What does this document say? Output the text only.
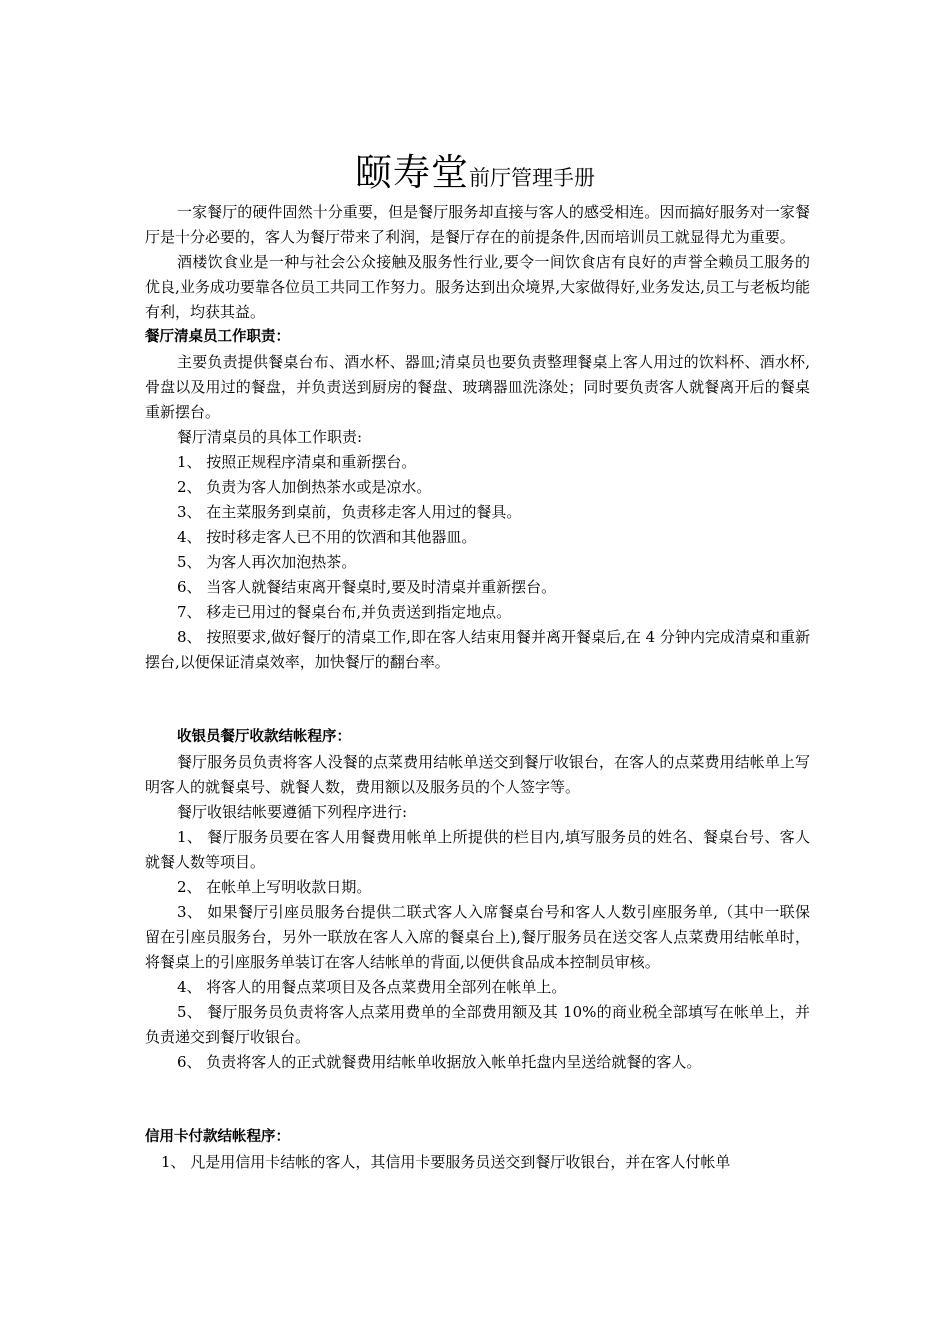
颐寿堂前厅管理手册

一家餐厅的硬件固然十分重要，但是餐厅服务却直接与客人的感受相连。因而搞好服务对一家餐厅是十分必要的，客人为餐厅带来了利润，是餐厅存在的前提条件,因而培训员工就显得尤为重要。

酒楼饮食业是一种与社会公众接触及服务性行业,要令一间饮食店有良好的声誉全赖员工服务的优良,业务成功要靠各位员工共同工作努力。服务达到出众境界,大家做得好,业务发达,员工与老板均能有利，均获其益。

餐厅清桌员工作职责：

主要负责提供餐桌台布、酒水杯、器皿;清桌员也要负责整理餐桌上客人用过的饮料杯、酒水杯,骨盘以及用过的餐盘，并负责送到厨房的餐盘、玻璃器皿洗涤处；同时要负责客人就餐离开后的餐桌重新摆台。

餐厅清桌员的具体工作职责:

1、 按照正规程序清桌和重新摆台。

2、 负责为客人加倒热茶水或是凉水。

3、 在主菜服务到桌前，负责移走客人用过的餐具。

4、 按时移走客人已不用的饮酒和其他器皿。

5、 为客人再次加泡热茶。

6、 当客人就餐结束离开餐桌时,要及时清桌并重新摆台。

7、 移走已用过的餐桌台布,并负责送到指定地点。

8、 按照要求,做好餐厅的清桌工作,即在客人结束用餐并离开餐桌后,在 4 分钟内完成清桌和重新摆台,以便保证清桌效率，加快餐厅的翻台率。

收银员餐厅收款结帐程序：

餐厅服务员负责将客人没餐的点菜费用结帐单送交到餐厅收银台，在客人的点菜费用结帐单上写明客人的就餐桌号、就餐人数，费用额以及服务员的个人签字等。

餐厅收银结帐要遵循下列程序进行:

1、 餐厅服务员要在客人用餐费用帐单上所提供的栏目内,填写服务员的姓名、餐桌台号、客人就餐人数等项目。

2、 在帐单上写明收款日期。

3、 如果餐厅引座员服务台提供二联式客人入席餐桌台号和客人人数引座服务单,（其中一联保留在引座员服务台，另外一联放在客人入席的餐桌台上),餐厅服务员在送交客人点菜费用结帐单时，将餐桌上的引座服务单装订在客人结帐单的背面,以便供食品成本控制员审核。

4、 将客人的用餐点菜项目及各点菜费用全部列在帐单上。

5、 餐厅服务员负责将客人点菜用费单的全部费用额及其 10%的商业税全部填写在帐单上，并负责递交到餐厅收银台。

6、 负责将客人的正式就餐费用结帐单收据放入帐单托盘内呈送给就餐的客人。

信用卡付款结帐程序：

1、 凡是用信用卡结帐的客人，其信用卡要服务员送交到餐厅收银台，并在客人付帐单
